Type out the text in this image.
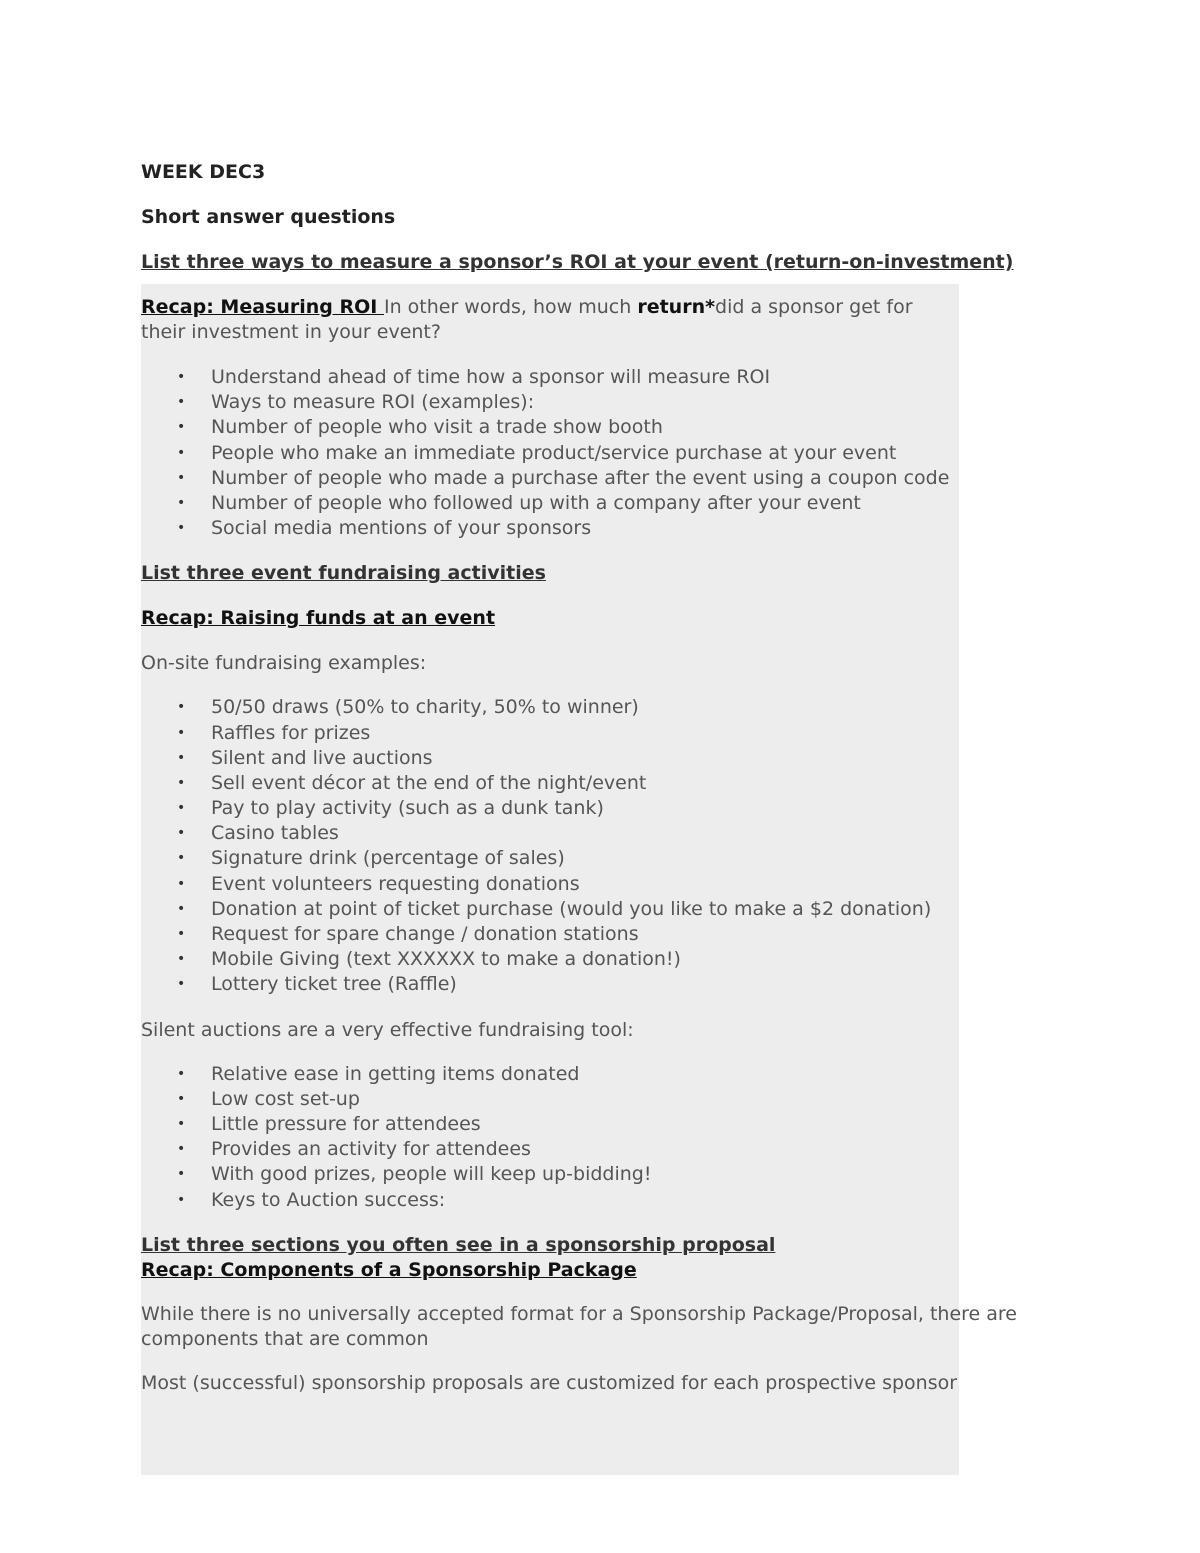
WEEK DEC3
Short answer questions
List three ways to measure a sponsor’s ROI at your event (return-on-investment)
Recap: Measuring ROI In other words, how much return*did a sponsor get for their investment in your event?
• Understand ahead of time how a sponsor will measure ROI
• Ways to measure ROI (examples):
• Number of people who visit a trade show booth
• People who make an immediate product/service purchase at your event
• Number of people who made a purchase after the event using a coupon code
• Number of people who followed up with a company after your event
• Social media mentions of your sponsors
List three event fundraising activities
Recap: Raising funds at an event
On-site fundraising examples:
• 50/50 draws (50% to charity, 50% to winner)
• Raffles for prizes
• Silent and live auctions
• Sell event décor at the end of the night/event
• Pay to play activity (such as a dunk tank)
• Casino tables
• Signature drink (percentage of sales)
• Event volunteers requesting donations
• Donation at point of ticket purchase (would you like to make a $2 donation)
• Request for spare change / donation stations
• Mobile Giving (text XXXXXX to make a donation!)
• Lottery ticket tree (Raffle)
Silent auctions are a very effective fundraising tool:
• Relative ease in getting items donated
• Low cost set-up
• Little pressure for attendees
• Provides an activity for attendees
• With good prizes, people will keep up-bidding!
• Keys to Auction success:
List three sections you often see in a sponsorship proposal
Recap: Components of a Sponsorship Package
While there is no universally accepted format for a Sponsorship Package/Proposal, there are components that are common
Most (successful) sponsorship proposals are customized for each prospective sponsor
